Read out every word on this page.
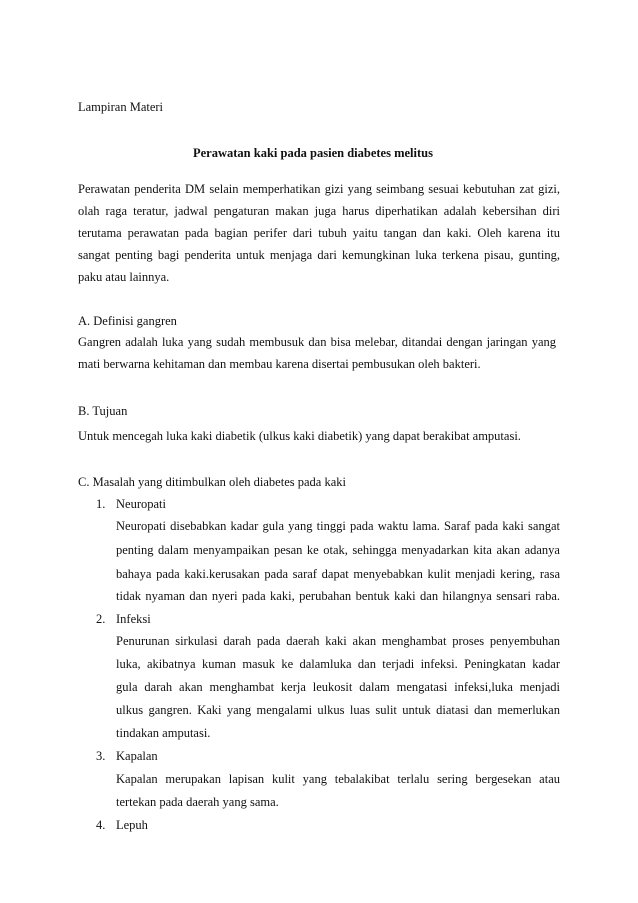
Lampiran Materi
Perawatan kaki pada pasien diabetes melitus
Perawatan penderita DM selain memperhatikan gizi yang seimbang sesuai kebutuhan zat gizi,
olah raga teratur, jadwal pengaturan makan juga harus diperhatikan adalah kebersihan diri
terutama perawatan pada bagian perifer dari tubuh yaitu tangan dan kaki. Oleh karena itu
sangat penting bagi penderita untuk menjaga dari kemungkinan luka terkena pisau, gunting,
paku atau lainnya.
A. Definisi gangren
Gangren adalah luka yang sudah membusuk dan bisa melebar, ditandai dengan jaringan yang
mati berwarna kehitaman dan membau karena disertai pembusukan oleh bakteri.
B. Tujuan
Untuk mencegah luka kaki diabetik (ulkus kaki diabetik) yang dapat berakibat amputasi.
C. Masalah yang ditimbulkan oleh diabetes pada kaki
1. Neuropati
Neuropati disebabkan kadar gula yang tinggi pada waktu lama. Saraf pada kaki sangat
penting dalam menyampaikan pesan ke otak, sehingga menyadarkan kita akan adanya
bahaya pada kaki.kerusakan pada saraf dapat menyebabkan kulit menjadi kering, rasa
tidak nyaman dan nyeri pada kaki, perubahan bentuk kaki dan hilangnya sensari raba.
2. Infeksi
Penurunan sirkulasi darah pada daerah kaki akan menghambat proses penyembuhan
luka, akibatnya kuman masuk ke dalamluka dan terjadi infeksi. Peningkatan kadar
gula darah akan menghambat kerja leukosit dalam mengatasi infeksi,luka menjadi
ulkus gangren. Kaki yang mengalami ulkus luas sulit untuk diatasi dan memerlukan
tindakan amputasi.
3. Kapalan
Kapalan merupakan lapisan kulit yang tebalakibat terlalu sering bergesekan atau
tertekan pada daerah yang sama.
4. Lepuh
